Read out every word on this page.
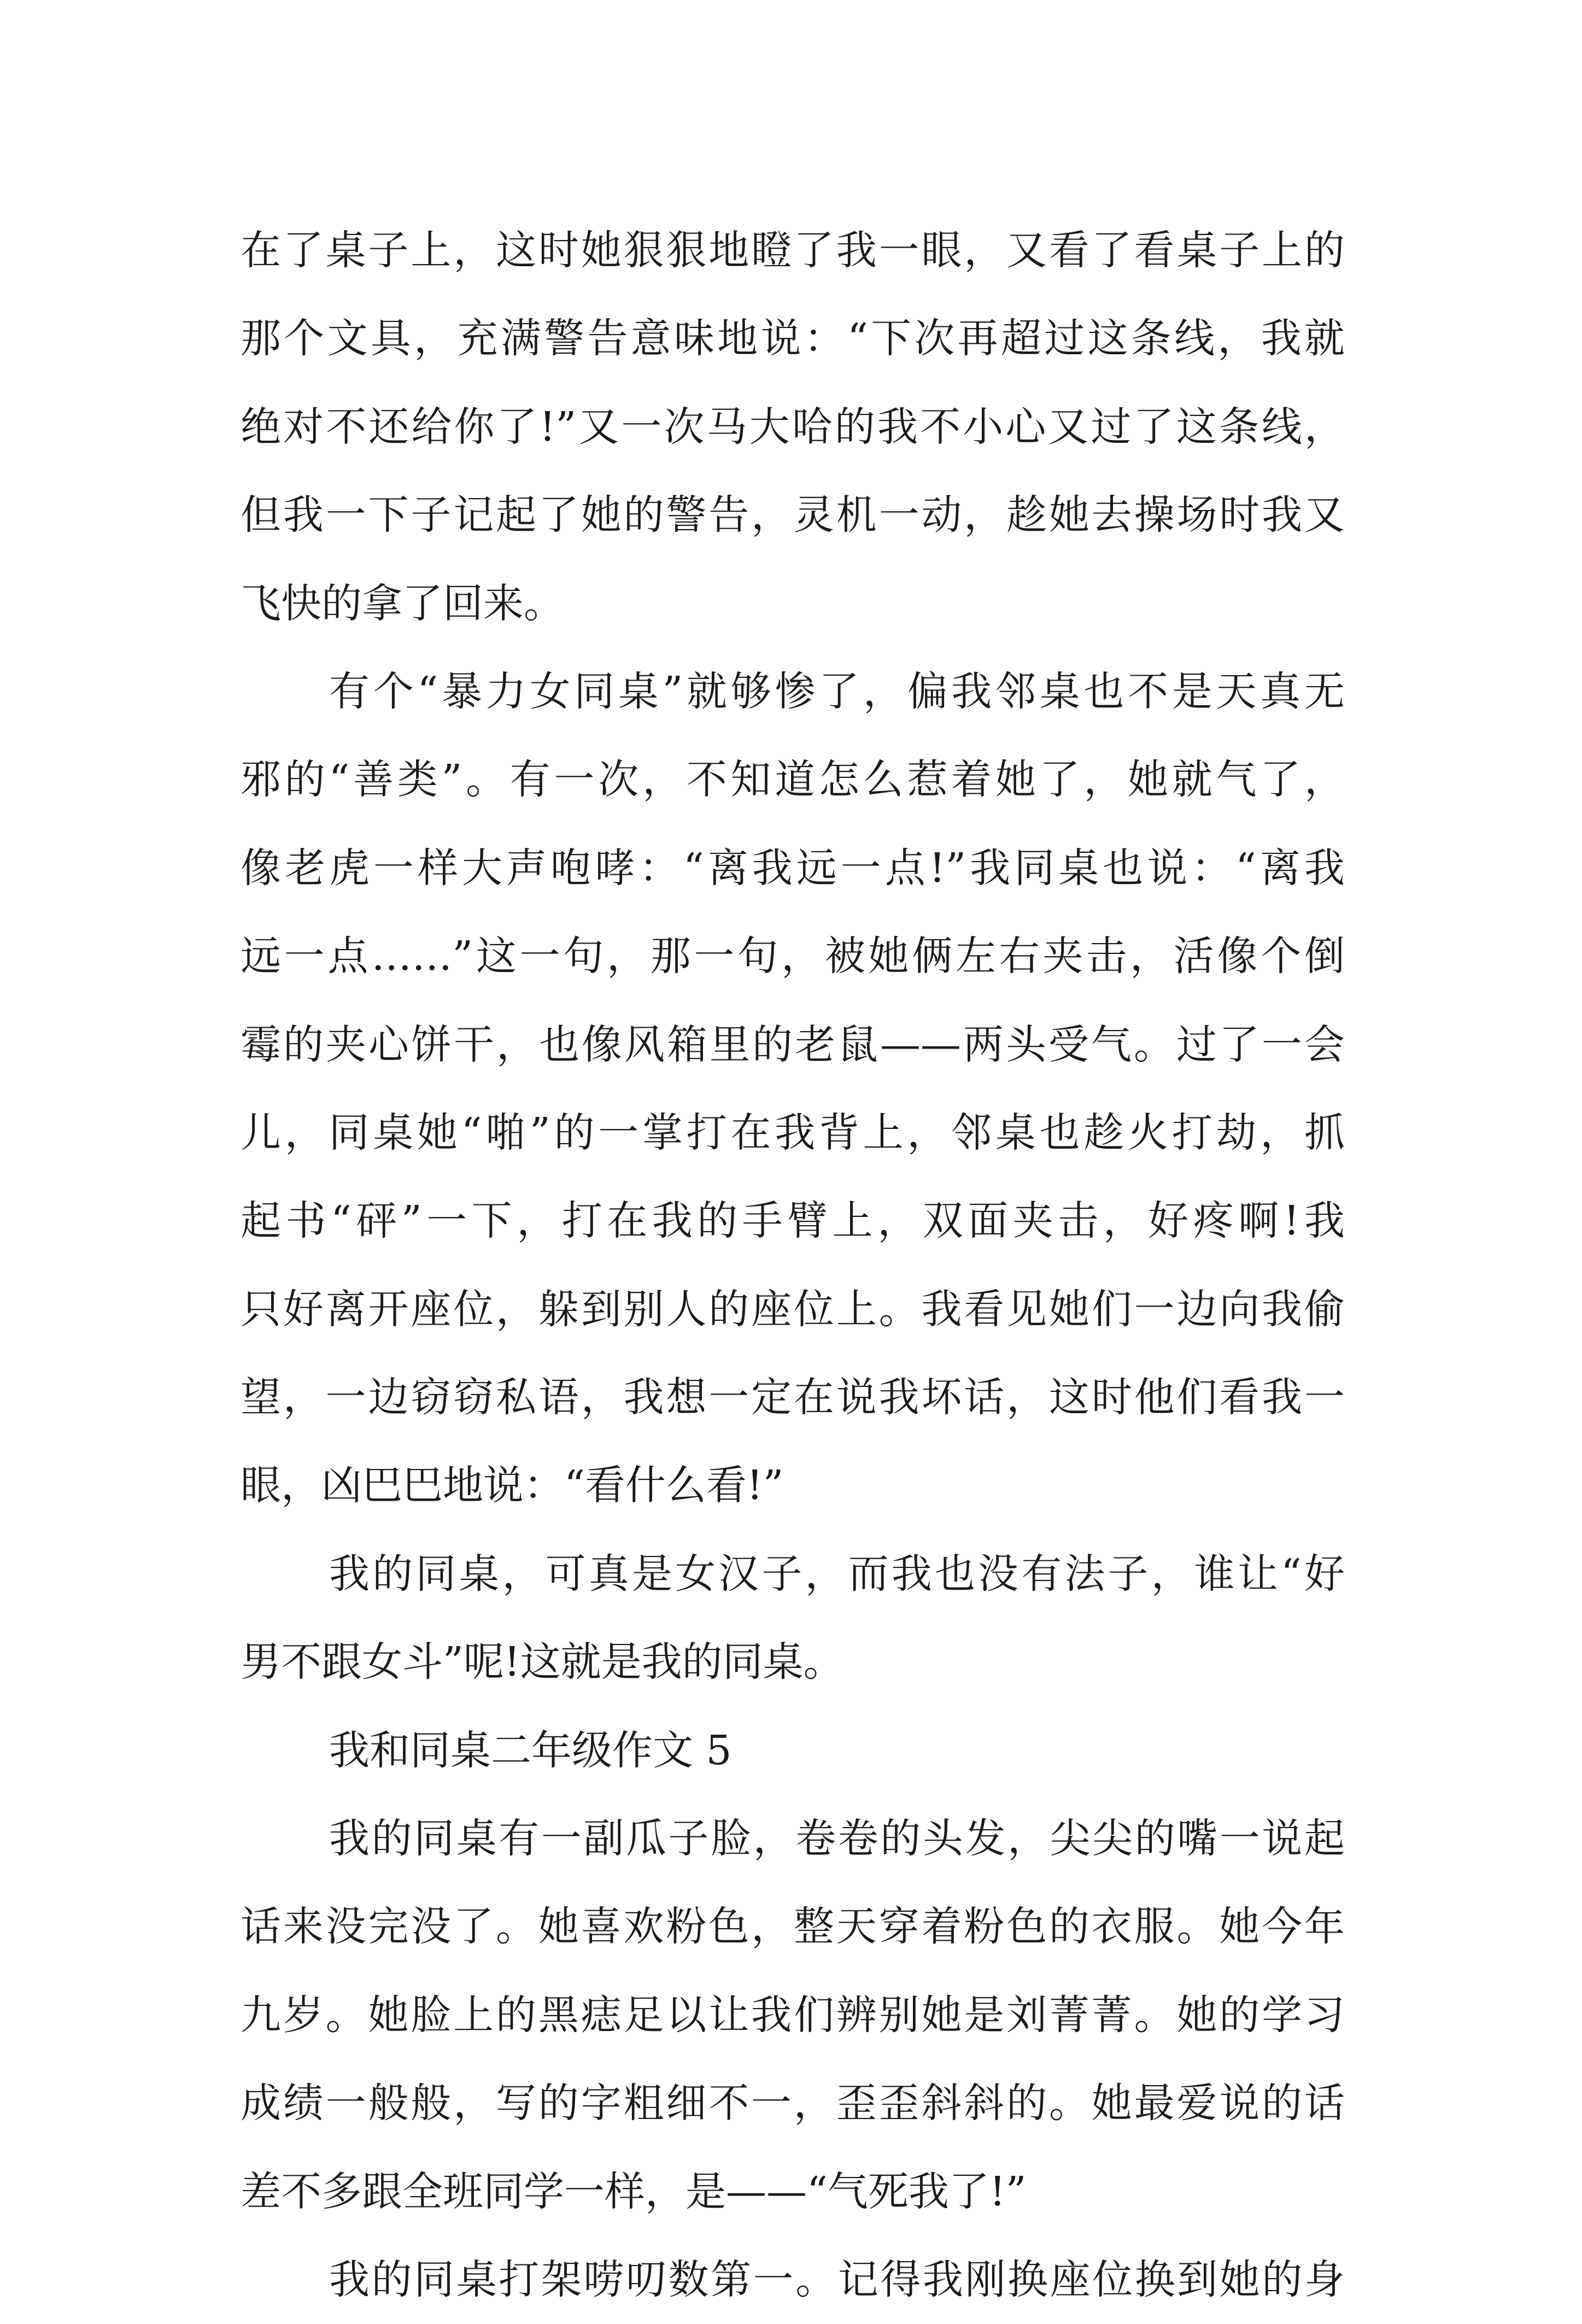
在了桌子上，这时她狠狠地瞪了我一眼，又看了看桌子上的
那个文具，充满警告意味地说：“下次再超过这条线，我就
绝对不还给你了!”又一次马大哈的我不小心又过了这条线，
但我一下子记起了她的警告，灵机一动，趁她去操场时我又
飞快的拿了回来。
有个“暴力女同桌”就够惨了，偏我邻桌也不是天真无
邪的“善类”。有一次，不知道怎么惹着她了，她就气了，
像老虎一样大声咆哮：“离我远一点!”我同桌也说：“离我
远一点……”这一句，那一句，被她俩左右夹击，活像个倒
霉的夹心饼干，也像风箱里的老鼠——两头受气。过了一会
儿，同桌她“啪”的一掌打在我背上，邻桌也趁火打劫，抓
起书“砰”一下，打在我的手臂上，双面夹击，好疼啊!我
只好离开座位，躲到别人的座位上。我看见她们一边向我偷
望，一边窃窃私语，我想一定在说我坏话，这时他们看我一
眼，凶巴巴地说：“看什么看!”
我的同桌，可真是女汉子，而我也没有法子，谁让“好
男不跟女斗”呢!这就是我的同桌。
我和同桌二年级作文 5
我的同桌有一副瓜子脸，卷卷的头发，尖尖的嘴一说起
话来没完没了。她喜欢粉色，整天穿着粉色的衣服。她今年
九岁。她脸上的黑痣足以让我们辨别她是刘菁菁。她的学习
成绩一般般，写的字粗细不一，歪歪斜斜的。她最爱说的话
差不多跟全班同学一样，是——“气死我了!”
我的同桌打架唠叨数第一。记得我刚换座位换到她的身
